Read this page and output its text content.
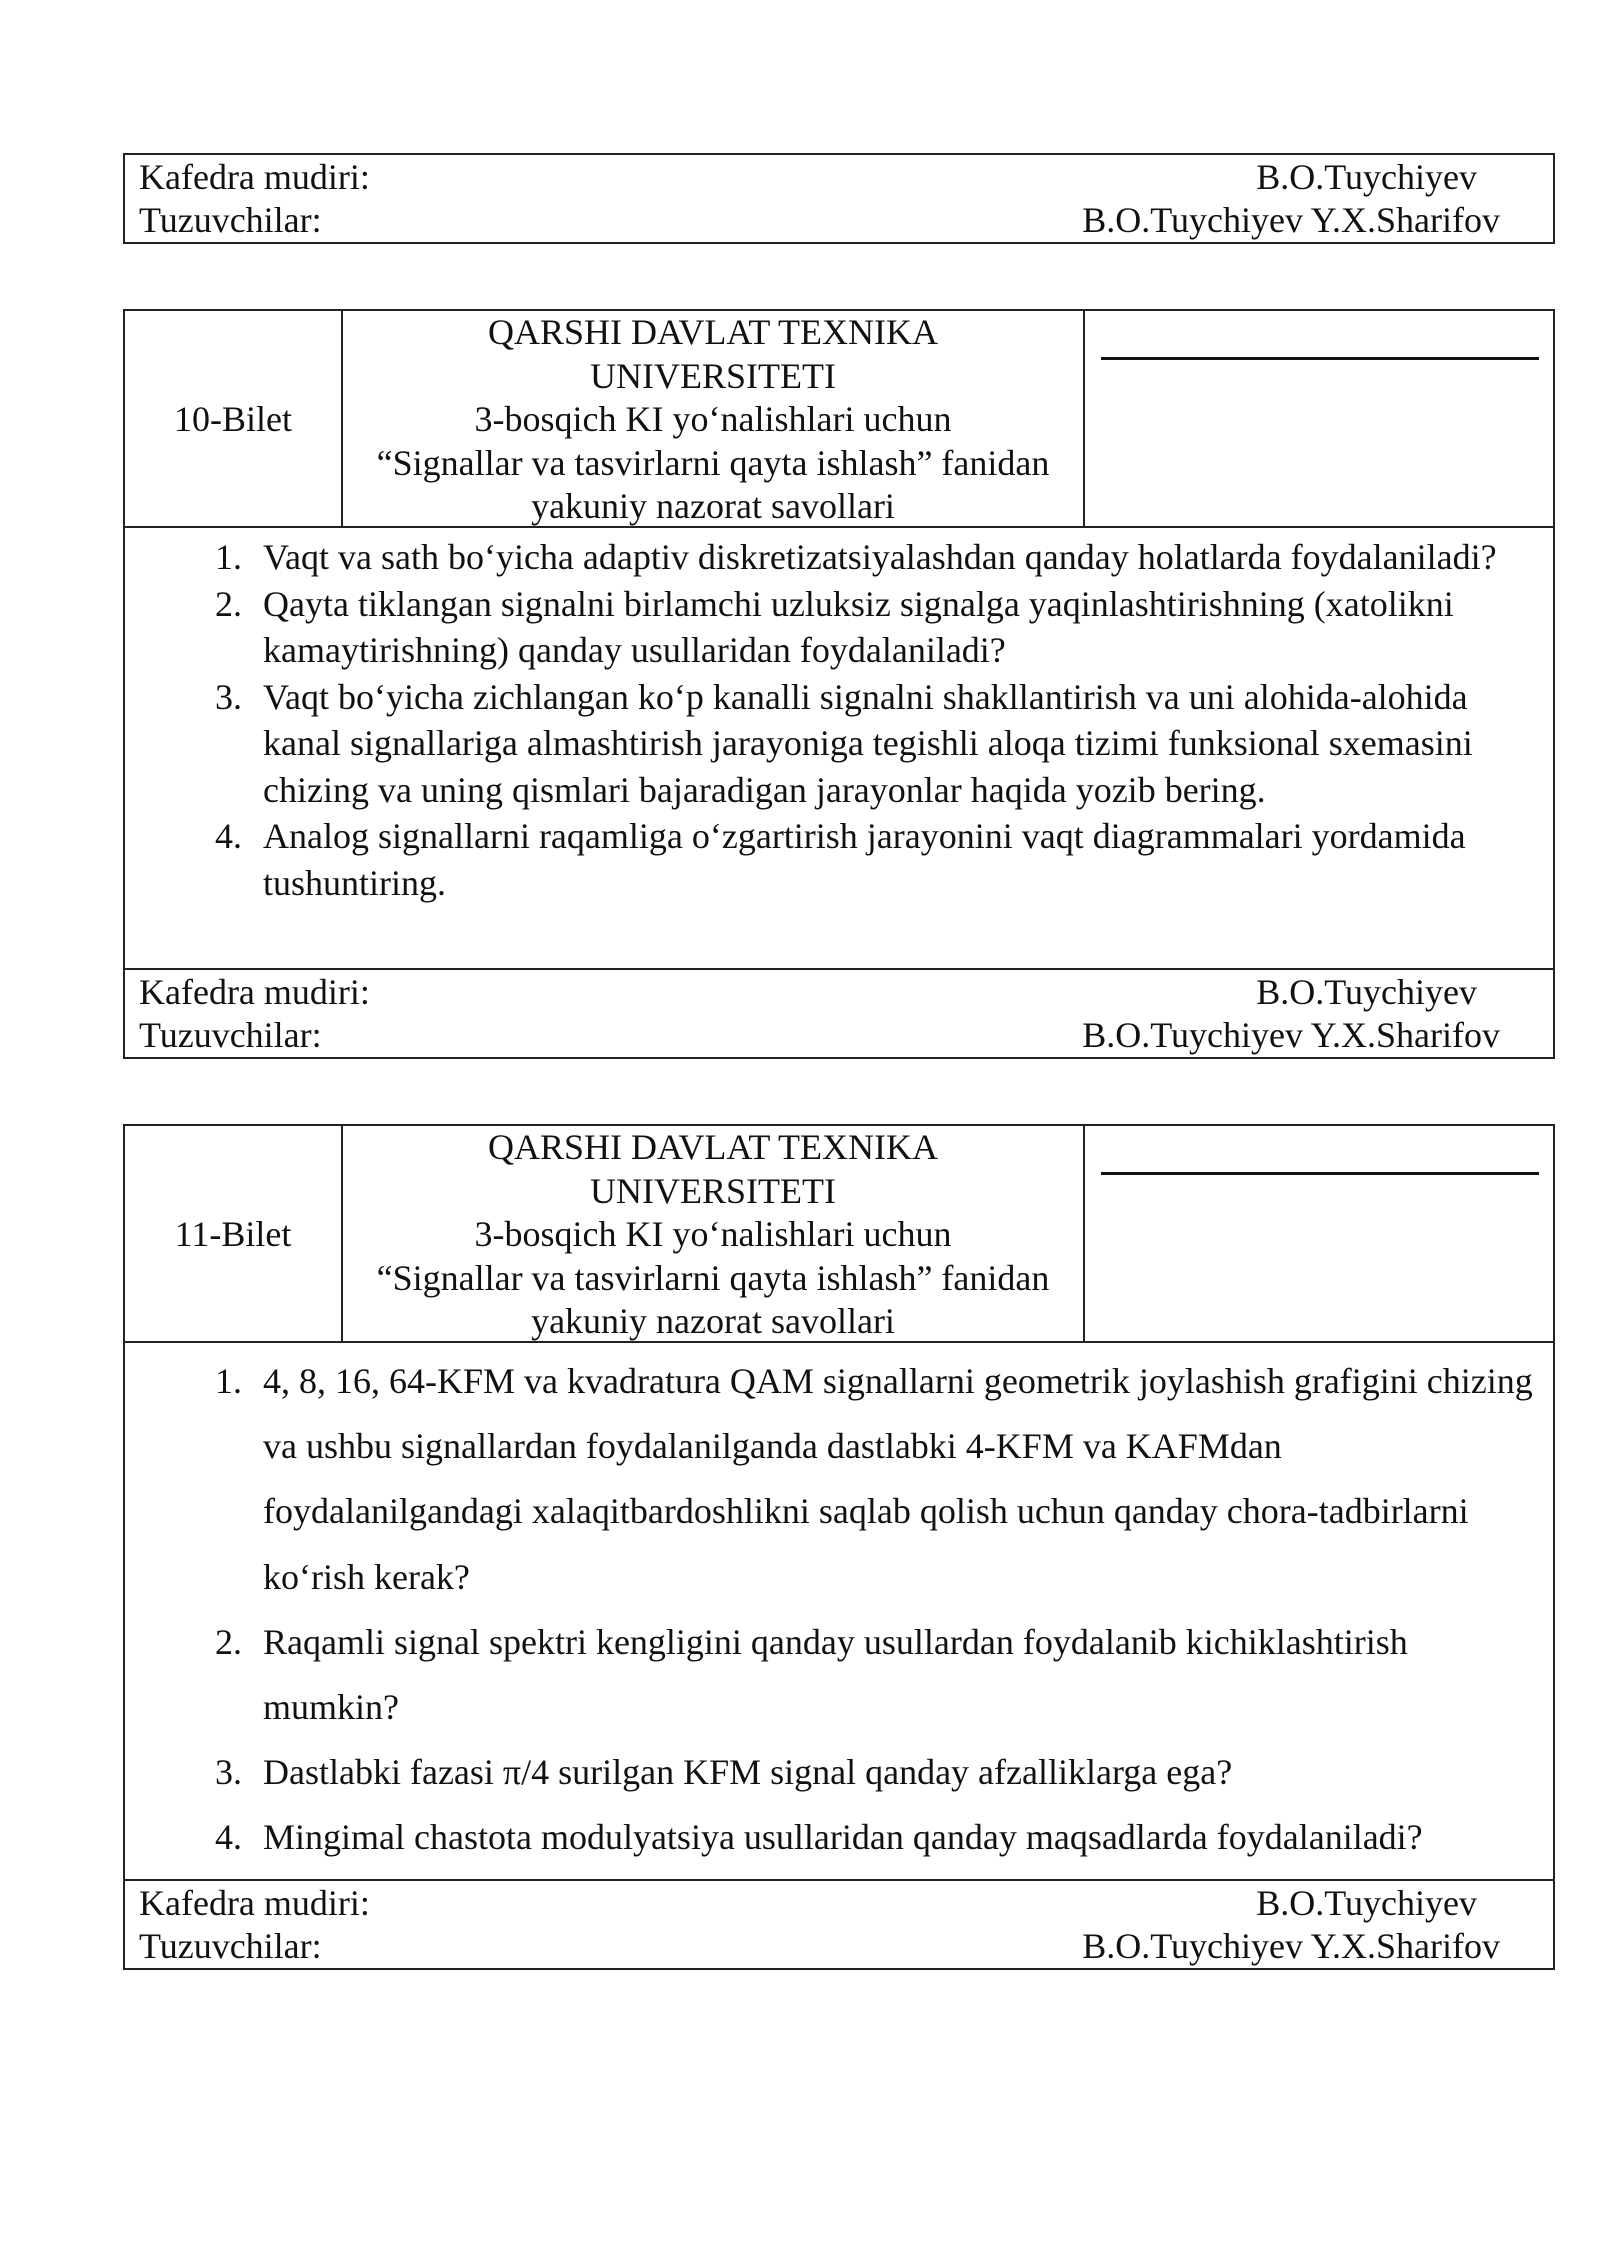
Kafedra mudiri:	B.O.Tuychiyev
Tuzuvchilar:	B.O.Tuychiyev Y.X.Sharifov
10-Bilet
QARSHI DAVLAT TEXNIKA
UNIVERSITETI
3-bosqich KI yo‘nalishlari uchun
“Signallar va tasvirlarni qayta ishlash” fanidan
yakuniy nazorat savollari
1. Vaqt va sath bo‘yicha adaptiv diskretizatsiyalashdan qanday holatlarda foydalaniladi?
2. Qayta tiklangan signalni birlamchi uzluksiz signalga yaqinlashtirishning (xatolikni kamaytirishning) qanday usullaridan foydalaniladi?
3. Vaqt bo‘yicha zichlangan ko‘p kanalli signalni shakllantirish va uni alohida-alohida kanal signallariga almashtirish jarayoniga tegishli aloqa tizimi funksional sxemasini chizing va uning qismlari bajaradigan jarayonlar haqida yozib bering.
4. Analog signallarni raqamliga o‘zgartirish jarayonini vaqt diagrammalari yordamida tushuntiring.
Kafedra mudiri:	B.O.Tuychiyev
Tuzuvchilar:	B.O.Tuychiyev Y.X.Sharifov
11-Bilet
QARSHI DAVLAT TEXNIKA
UNIVERSITETI
3-bosqich KI yo‘nalishlari uchun
“Signallar va tasvirlarni qayta ishlash” fanidan
yakuniy nazorat savollari
1. 4, 8, 16, 64-KFM va kvadratura QAM signallarni geometrik joylashish grafigini chizing va ushbu signallardan foydalanilganda dastlabki 4-KFM va KAFMdan foydalanilgandagi xalaqitbardoshlikni saqlab qolish uchun qanday chora-tadbirlarni ko‘rish kerak?
2. Raqamli signal spektri kengligini qanday usullardan foydalanib kichiklashtirish mumkin?
3. Dastlabki fazasi π/4 surilgan KFM signal qanday afzalliklarga ega?
4. Mingimal chastota modulyatsiya usullaridan qanday maqsadlarda foydalaniladi?
Kafedra mudiri:	B.O.Tuychiyev
Tuzuvchilar:	B.O.Tuychiyev Y.X.Sharifov
